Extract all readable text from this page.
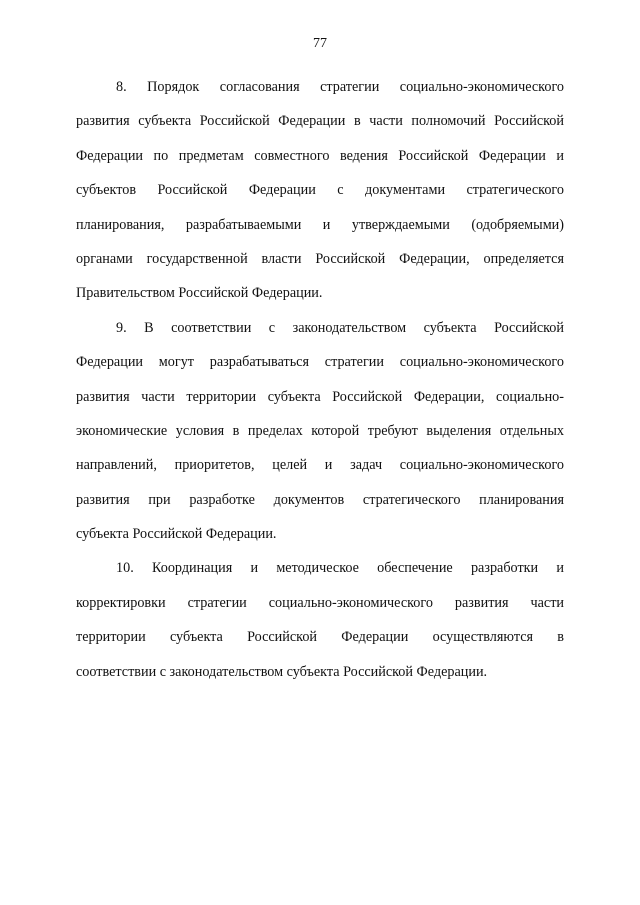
77
8. Порядок согласования стратегии социально-экономического
развития субъекта Российской Федерации в части полномочий Российской
Федерации по предметам совместного ведения Российской Федерации и
субъектов Российской Федерации с документами стратегического
планирования, разрабатываемыми и утверждаемыми (одобряемыми)
органами государственной власти Российской Федерации, определяется
Правительством Российской Федерации.
9. В соответствии с законодательством субъекта Российской
Федерации могут разрабатываться стратегии социально-экономического
развития части территории субъекта Российской Федерации, социально-
экономические условия в пределах которой требуют выделения отдельных
направлений, приоритетов, целей и задач социально-экономического
развития при разработке документов стратегического планирования
субъекта Российской Федерации.
10. Координация и методическое обеспечение разработки и
корректировки стратегии социально-экономического развития части
территории субъекта Российской Федерации осуществляются в
соответствии с законодательством субъекта Российской Федерации.
